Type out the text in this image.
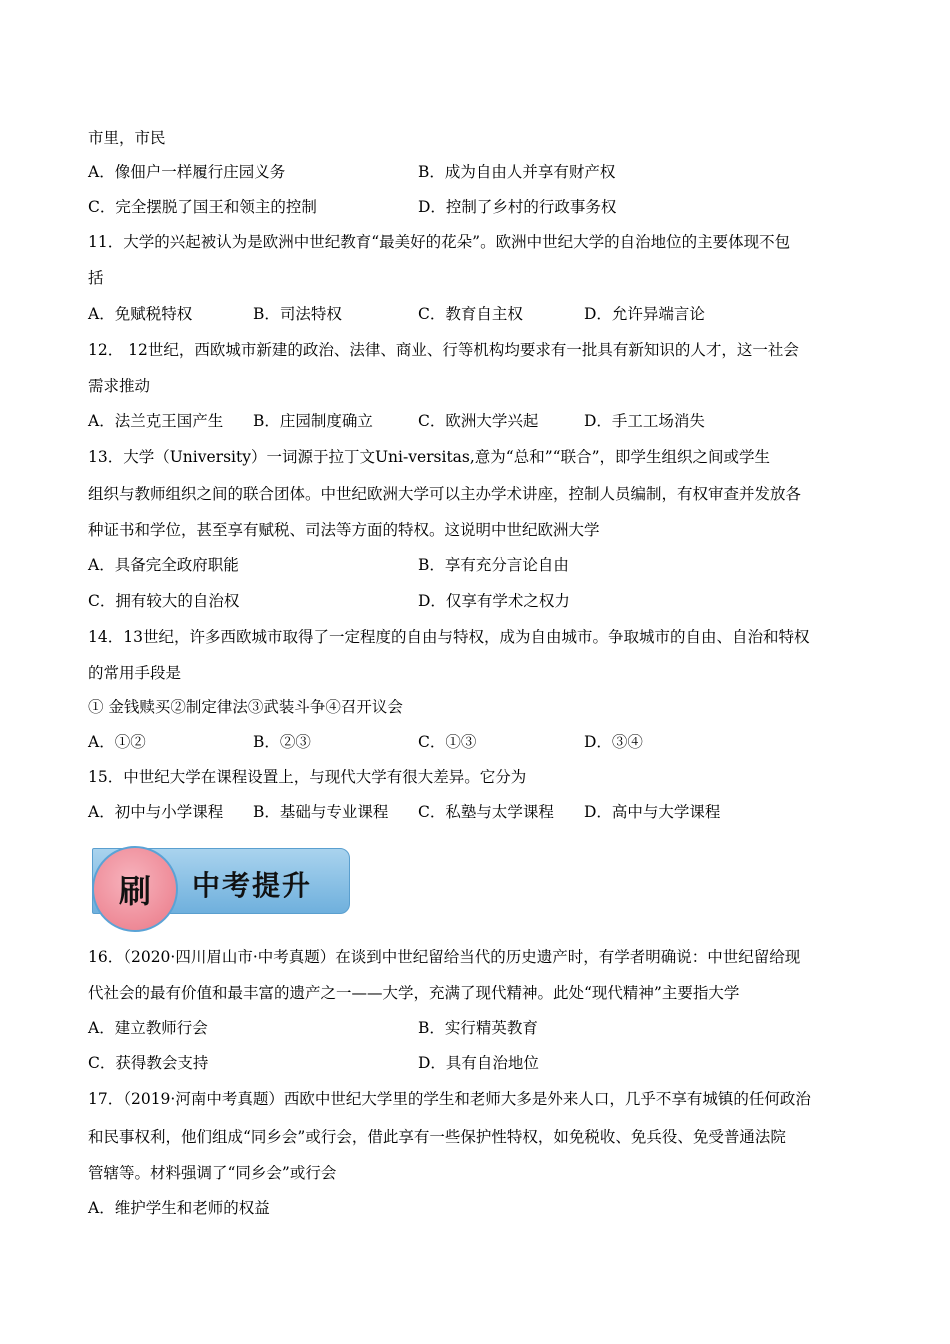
市里，市民
A．像佃户一样履行庄园义务	B．成为自由人并享有财产权
C．完全摆脱了国王和领主的控制	D．控制了乡村的行政事务权
11．大学的兴起被认为是欧洲中世纪教育“最美好的花朵”。欧洲中世纪大学的自治地位的主要体现不包
括
A．免赋税特权	B．司法特权	C．教育自主权	D．允许异端言论
12． 12世纪，西欧城市新建的政治、法律、商业、行等机构均要求有一批具有新知识的人才，这一社会
需求推动
A．法兰克王国产生 B．庄园制度确立	C．欧洲大学兴起	D．手工工场消失
13．大学（University）一词源于拉丁文Uni-versitas,意为“总和”“联合”，即学生组织之间或学生
组织与教师组织之间的联合团体。中世纪欧洲大学可以主办学术讲座，控制人员编制，有权审查并发放各
种证书和学位，甚至享有赋税、司法等方面的特权。这说明中世纪欧洲大学
A．具备完全政府职能	B．享有充分言论自由
C．拥有较大的自治权	D．仅享有学术之权力
14．13世纪，许多西欧城市取得了一定程度的自由与特权，成为自由城市。争取城市的自由、自治和特权
的常用手段是
① 金钱赎买②制定律法③武装斗争④召开议会
A．①②	B．②③	C．①③	D．③④
15．中世纪大学在课程设置上，与现代大学有很大差异。它分为
A．初中与小学课程 B．基础与专业课程 C．私塾与太学课程 D．高中与大学课程
刷	中考提升
16．（2020·四川眉山市·中考真题）在谈到中世纪留给当代的历史遗产时，有学者明确说：中世纪留给现
代社会的最有价值和最丰富的遗产之一——大学，充满了现代精神。此处“现代精神”主要指大学
A．建立教师行会	B．实行精英教育
C．获得教会支持	D．具有自治地位
17．（2019·河南中考真题）西欧中世纪大学里的学生和老师大多是外来人口，几乎不享有城镇的任何政治
和民事权利，他们组成“同乡会”或行会，借此享有一些保护性特权，如免税收、免兵役、免受普通法院
管辖等。材料强调了“同乡会”或行会
A．维护学生和老师的权益
